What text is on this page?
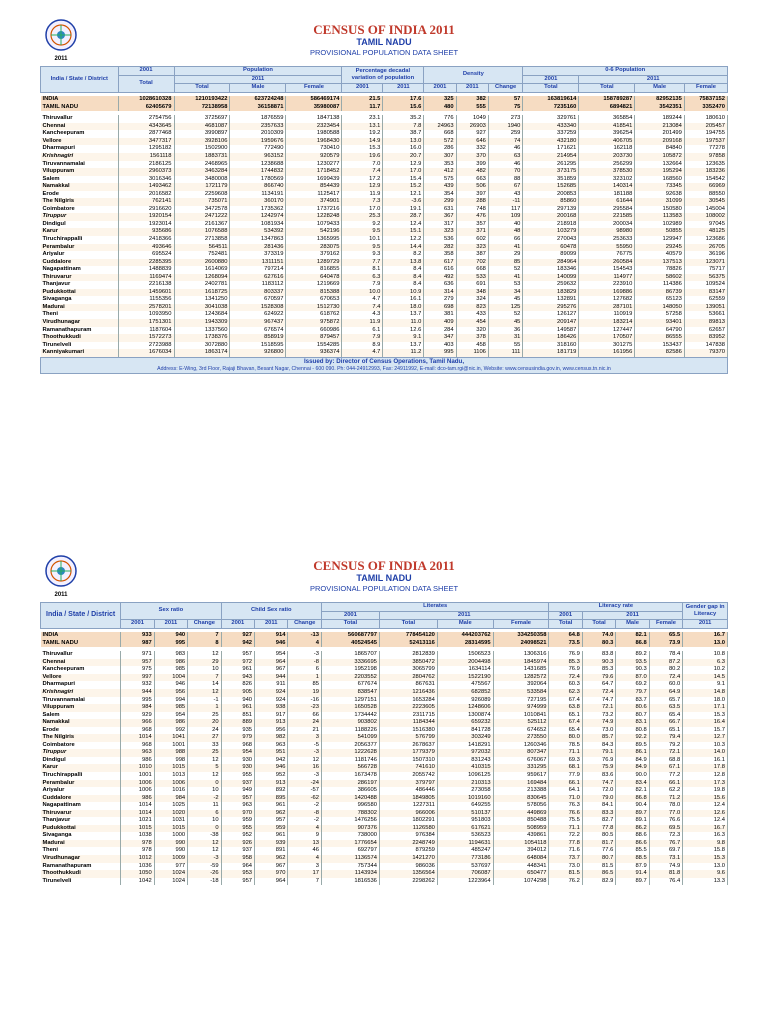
2011
CENSUS OF INDIA 2011
TAMIL NADU
PROVISIONAL POPULATION DATA SHEET
India / State / District	2001	Population			Percentage decadal variation of population		Density			0-6 Population			
	Total	2011								2001	2011		
		Total	Male	Female	2001	2011	2001	2011	Change	Total	Total	Male	Female

INDIA	1028610328	1210193422	623724248	586469174	21.5	17.6	325	382	57	163819614	158789287	82952135	75837152
TAMIL NADU	62405679	72138958	36158871	35980087	11.7	15.6	480	555	75	7235160	6894821	3542351	3352470

Thiruvallur	2754756	3725697	1876559	1847138	23.1	35.2	776	1049	273	329761	365854	189244	180610
Chennai	4343645	4681087	2357633	2323454	13.1	7.8	24963	26903	1940	433340	418541	213084	205457
Kancheepuram	2877468	3990897	2010309	1980588	19.2	38.7	668	927	259	337259	396254	201499	194755
Vellore	3477317	3928106	1959676	1968430	14.9	13.0	572	646	74	432180	406705	209168	197537
Dharmapuri	1295182	1502900	772490	730410	15.3	16.0	286	332	46	171621	162118	84840	77278
Krishnagiri	1561118	1883731	963152	920579	19.6	20.7	307	370	63	214954	203730	105872	97858
Tiruvannamalai	2186125	2468965	1238688	1230277	7.0	12.9	353	399	46	261295	256299	132664	123635
Viluppuram	2960373	3463284	1744832	1718452	7.4	17.0	412	482	70	373175	378530	195294	183236
Salem	3016346	3480008	1780569	1699439	17.2	15.4	575	663	88	351859	323102	168560	154542
Namakkal	1493462	1721179	866740	854439	12.9	15.2	439	506	67	152685	140314	73345	66969
Erode	2016582	2259608	1134191	1125417	11.9	12.1	354	397	43	200853	181188	92638	88550
The Nilgiris	762141	735071	360170	374901	7.3	-3.6	299	288	-11	85860	61644	31099	30545
Coimbatore	2916620	3472578	1735362	1737216	17.0	19.1	631	748	117	297139	295584	150580	145004
Tiruppur	1920154	2471222	1242974	1228248	25.3	28.7	367	476	109	200168	221585	113583	108002
Dindigul	1923014	2161367	1081934	1079433	9.2	12.4	317	357	40	218918	200034	102989	97045
Karur	935686	1076588	534392	542196	9.5	15.1	323	371	48	103279	98980	50855	48125
Tiruchirappalli	2418366	2713858	1347863	1365995	10.1	12.2	536	602	66	270043	253633	129947	123686
Perambalur	493646	564511	281436	283075	9.5	14.4	282	323	41	60478	55950	29245	26705
Ariyalur	695524	752481	373319	379162	9.3	8.2	358	387	29	89099	76775	40579	36196
Cuddalore	2285395	2600880	1311151	1289729	7.7	13.8	617	702	85	284964	260584	137513	123071
Nagapattinam	1488839	1614069	797214	816855	8.1	8.4	616	668	52	183346	154543	78826	75717
Thiruvarur	1169474	1268094	627616	640478	6.3	8.4	492	533	41	140099	114977	58602	56375
Thanjavur	2216138	2402781	1183112	1219669	7.9	8.4	636	691	53	259632	223910	114386	109524
Pudukkottai	1459601	1618725	803337	815388	10.0	10.9	314	348	34	183829	169886	86739	83147
Sivaganga	1155356	1341250	670597	670653	4.7	16.1	279	324	45	132891	127682	65123	62559
Madurai	2578201	3041038	1528308	1512730	7.4	18.0	698	823	125	295276	287101	148050	139051
Theni	1093950	1243684	624922	618762	4.3	13.7	381	433	52	126127	110919	57258	53661
Virudhunagar	1751301	1943309	967437	975872	11.9	11.0	409	454	45	209147	183214	93401	89813
Ramanathapuram	1187604	1337560	676574	660986	6.1	12.6	284	320	36	149587	127447	64790	62657
Thoothukkudi	1572273	1738376	858919	879457	7.9	9.1	347	378	31	186426	170507	86555	83952
Tirunelveli	2723988	3072880	1518595	1554285	8.9	13.7	403	458	55	318160	301275	153437	147838
Kanniyakumari	1676034	1863174	926800	936374	4.7	11.2	995	1106	111	181719	161956	82586	79370
Issued by: Director of Census Operations, Tamil Nadu,
Address: E-Wing, 3rd Floor, Rajaji Bhavan, Besant Nagar, Chennai - 600 090. Ph: 044-24912993, Fax: 24911992, E-mail: dco-tam.rgi@nic.in, Website: www.censusindia.gov.in, www.census.tn.nic.in
2011
CENSUS OF INDIA 2011
TAMIL NADU
PROVISIONAL POPULATION DATA SHEET
India / State / District	Sex ratio			Child Sex ratio			Literates				Literacy rate				Gender gap in Literacy
							2001	2011			2001	2011			
	2001	2011	Change	2001	2011	Change	Total	Total	Male	Female	Total	Total	Male	Female	2011

INDIA	933	940	7	927	914	-13	560687797	778454120	444203762	334250358	64.8	74.0	82.1	65.5	16.7
TAMIL NADU	987	995	8	942	946	4	40524545	52413116	28314595	24098521	73.5	80.3	86.8	73.9	13.0

Thiruvallur	971	983	12	957	954	-3	1865707	2812839	1506523	1306316	76.9	83.8	89.2	78.4	10.8
Chennai	957	986	29	972	964	-8	3336695	3850472	2004498	1845974	85.3	90.3	93.5	87.2	6.3
Kancheepuram	975	985	10	961	967	6	1952198	3065799	1634114	1431685	76.9	85.3	90.3	80.2	10.2
Vellore	997	1004	7	943	944	1	2203552	2804762	1522190	1282572	72.4	79.6	87.0	72.4	14.5
Dharmapuri	932	946	14	826	911	85	677674	867631	475567	392064	60.3	64.7	69.2	60.0	9.1
Krishnagiri	944	956	12	905	924	19	838547	1216436	682852	533584	62.3	72.4	79.7	64.9	14.8
Tiruvannamalai	995	994	-1	940	924	-16	1297151	1653284	926089	727195	67.4	74.7	83.7	65.7	18.0
Viluppuram	984	985	1	961	938	-23	1650528	2223605	1248606	974999	63.8	72.1	80.6	63.5	17.1
Salem	929	954	25	851	917	66	1734442	2311715	1300874	1010841	65.1	73.2	80.7	65.4	15.3
Namakkal	966	986	20	889	913	24	903802	1184344	659232	525112	67.4	74.9	83.1	66.7	16.4
Erode	968	992	24	935	956	21	1188226	1516380	841728	674652	65.4	73.0	80.8	65.1	15.7
The Nilgiris	1014	1041	27	979	982	3	541099	576799	303249	273550	80.0	85.7	92.2	79.4	12.7
Coimbatore	968	1001	33	968	963	-5	2056377	2678637	1418291	1260346	78.5	84.3	89.5	79.2	10.3
Tiruppur	963	988	25	954	951	-3	1222628	1779379	972032	807347	71.1	79.1	86.1	72.1	14.0
Dindigul	986	998	12	930	942	12	1181746	1507310	831243	676067	69.3	76.9	84.9	68.8	16.1
Karur	1010	1015	5	930	946	16	566728	741610	410315	331295	68.1	75.9	84.9	67.1	17.8
Tiruchirappalli	1001	1013	12	955	952	-3	1673478	2055742	1096125	959617	77.9	83.6	90.0	77.2	12.8
Perambalur	1006	1006	0	937	913	-24	286197	379797	210313	169484	66.1	74.7	83.4	66.1	17.3
Ariyalur	1006	1016	10	949	892	-57	386605	486446	273058	213388	64.1	72.0	82.1	62.2	19.8
Cuddalore	986	984	-2	957	895	-62	1420488	1849805	1019160	830645	71.0	79.0	86.8	71.2	15.6
Nagapattinam	1014	1025	11	963	961	-2	996580	1227311	649255	578056	76.3	84.1	90.4	78.0	12.4
Thiruvarur	1014	1020	6	970	962	-8	788302	966006	510137	449869	76.6	83.3	89.7	77.0	12.6
Thanjavur	1021	1031	10	959	957	-2	1476256	1802291	951803	850488	75.5	82.7	89.1	76.6	12.4
Pudukkottai	1015	1015	0	955	959	4	907376	1126580	617621	508959	71.1	77.8	86.2	69.5	16.7
Sivaganga	1038	1000	-38	952	961	9	738000	976384	536523	439861	72.2	80.5	88.6	72.3	16.3
Madurai	978	990	12	926	939	13	1776654	2248749	1194631	1054118	77.8	81.7	86.6	76.7	9.8
Theni	978	990	12	937	891	46	692797	879259	485247	394012	71.6	77.6	85.5	69.7	15.8
Virudhunagar	1012	1009	-3	958	962	4	1136574	1421270	773186	648084	73.7	80.7	88.5	73.1	15.3
Ramanathapuram	1036	977	-59	964	967	3	757344	986036	537697	448341	73.0	81.5	87.9	74.9	13.0
Thoothukkudi	1050	1024	-26	953	970	17	1143934	1356564	706087	650477	81.5	86.5	91.4	81.8	9.6
Tirunelveli	1042	1024	-18	957	964	7	1816536	2298262	1223964	1074298	76.2	82.9	89.7	76.4	13.3
